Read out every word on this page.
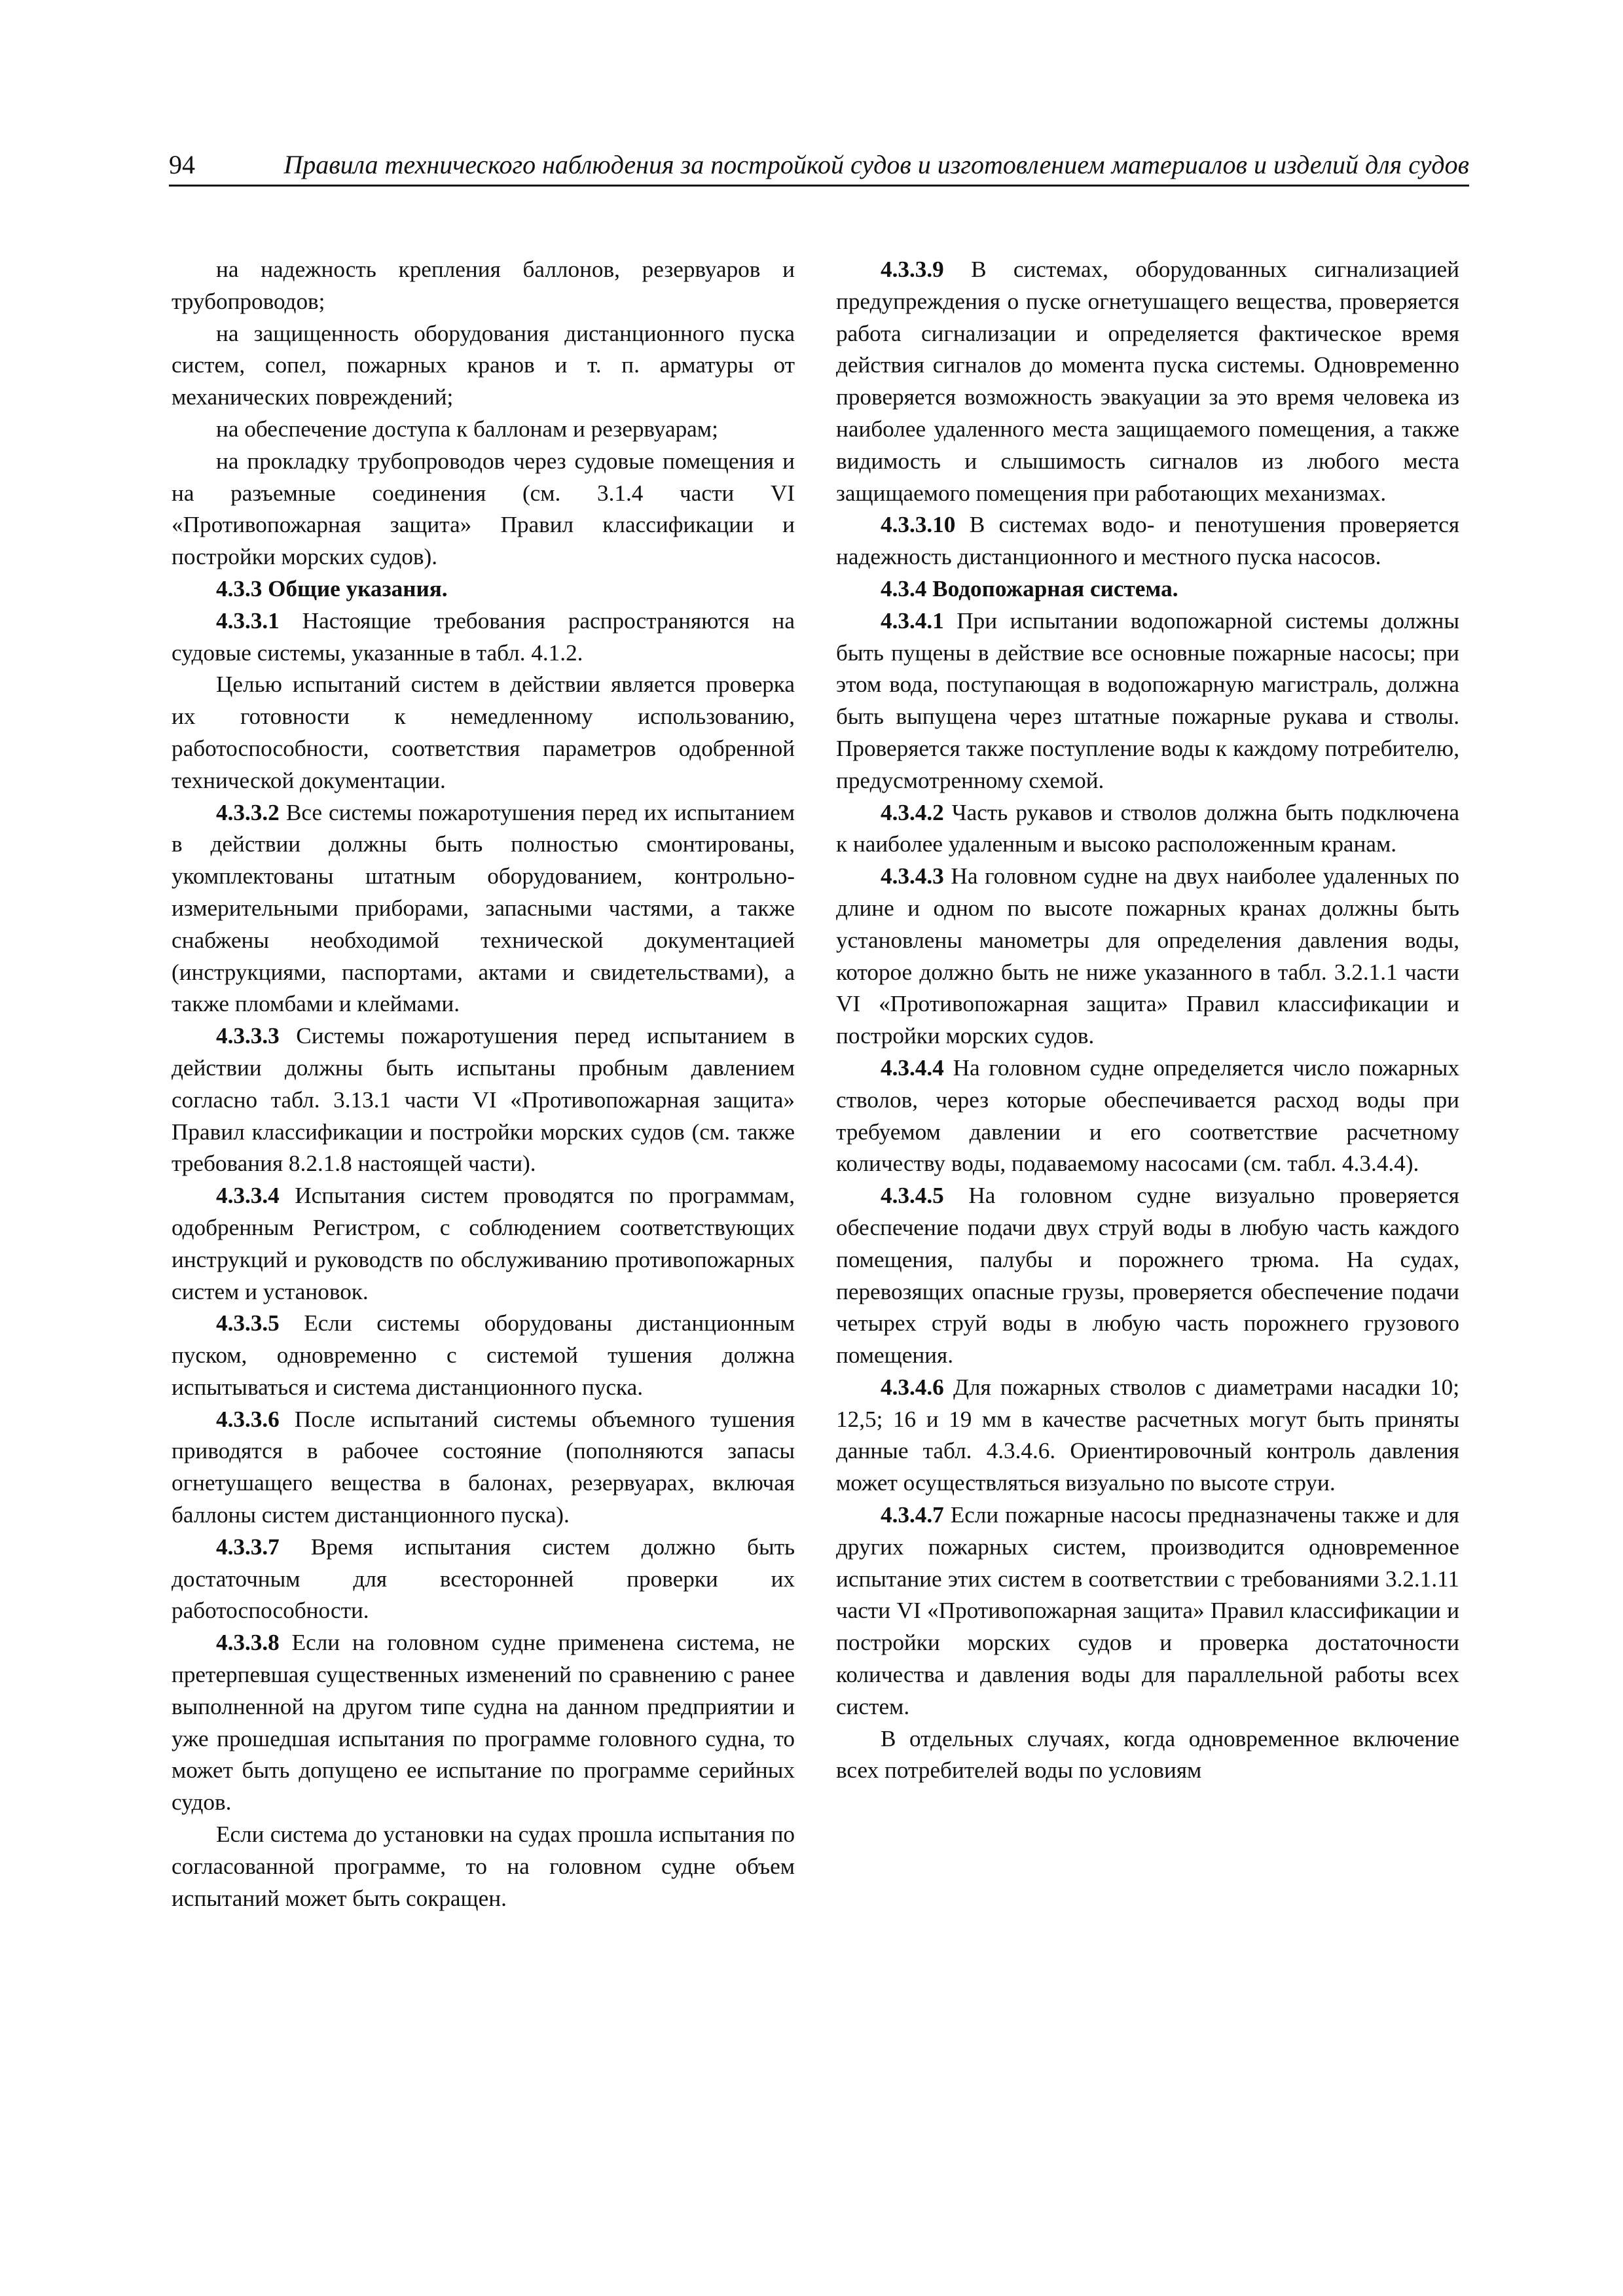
94	Правила технического наблюдения за постройкой судов и изготовлением материалов и изделий для судов

на надежность крепления баллонов, резервуаров и трубопроводов;

на защищенность оборудования дистанционного пуска систем, сопел, пожарных кранов и т. п. арматуры от механических повреждений;

на обеспечение доступа к баллонам и резервуарам;

на прокладку трубопроводов через судовые помещения и на разъемные соединения (см. 3.1.4 части VI «Противопожарная защита» Правил классификации и постройки морских судов).

4.3.3 Общие указания.

4.3.3.1 Настоящие требования распространяются на судовые системы, указанные в табл. 4.1.2.

Целью испытаний систем в действии является проверка их готовности к немедленному использованию, работоспособности, соответствия параметров одобренной технической документации.

4.3.3.2 Все системы пожаротушения перед их испытанием в действии должны быть полностью смонтированы, укомплектованы штатным оборудованием, контрольно-измерительными приборами, запасными частями, а также снабжены необходимой технической документацией (инструкциями, паспортами, актами и свидетельствами), а также пломбами и клеймами.

4.3.3.3 Системы пожаротушения перед испытанием в действии должны быть испытаны пробным давлением согласно табл. 3.13.1 части VI «Противопожарная защита» Правил классификации и постройки морских судов (см. также требования 8.2.1.8 настоящей части).

4.3.3.4 Испытания систем проводятся по программам, одобренным Регистром, с соблюдением соответствующих инструкций и руководств по обслуживанию противопожарных систем и установок.

4.3.3.5 Если системы оборудованы дистанционным пуском, одновременно с системой тушения должна испытываться и система дистанционного пуска.

4.3.3.6 После испытаний системы объемного тушения приводятся в рабочее состояние (пополняются запасы огнетушащего вещества в балонах, резервуарах, включая баллоны систем дистанционного пуска).

4.3.3.7 Время испытания систем должно быть достаточным для всесторонней проверки их работоспособности.

4.3.3.8 Если на головном судне применена система, не претерпевшая существенных изменений по сравнению с ранее выполненной на другом типе судна на данном предприятии и уже прошедшая испытания по программе головного судна, то может быть допущено ее испытание по программе серийных судов.

Если система до установки на судах прошла испытания по согласованной программе, то на головном судне объем испытаний может быть сокращен.

4.3.3.9 В системах, оборудованных сигнализацией предупреждения о пуске огнетушащего вещества, проверяется работа сигнализации и определяется фактическое время действия сигналов до момента пуска системы. Одновременно проверяется возможность эвакуации за это время человека из наиболее удаленного места защищаемого помещения, а также видимость и слышимость сигналов из любого места защищаемого помещения при работающих механизмах.

4.3.3.10 В системах водо- и пенотушения проверяется надежность дистанционного и местного пуска насосов.

4.3.4 Водопожарная система.

4.3.4.1 При испытании водопожарной системы должны быть пущены в действие все основные пожарные насосы; при этом вода, поступающая в водопожарную магистраль, должна быть выпущена через штатные пожарные рукава и стволы. Проверяется также поступление воды к каждому потребителю, предусмотренному схемой.

4.3.4.2 Часть рукавов и стволов должна быть подключена к наиболее удаленным и высоко расположенным кранам.

4.3.4.3 На головном судне на двух наиболее удаленных по длине и одном по высоте пожарных кранах должны быть установлены манометры для определения давления воды, которое должно быть не ниже указанного в табл. 3.2.1.1 части VI «Противопожарная защита» Правил классификации и постройки морских судов.

4.3.4.4 На головном судне определяется число пожарных стволов, через которые обеспечивается расход воды при требуемом давлении и его соответствие расчетному количеству воды, подаваемому насосами (см. табл. 4.3.4.4).

4.3.4.5 На головном судне визуально проверяется обеспечение подачи двух струй воды в любую часть каждого помещения, палубы и порожнего трюма. На судах, перевозящих опасные грузы, проверяется обеспечение подачи четырех струй воды в любую часть порожнего грузового помещения.

4.3.4.6 Для пожарных стволов с диаметрами насадки 10; 12,5; 16 и 19 мм в качестве расчетных могут быть приняты данные табл. 4.3.4.6. Ориентировочный контроль давления может осуществляться визуально по высоте струи.

4.3.4.7 Если пожарные насосы предназначены также и для других пожарных систем, производится одновременное испытание этих систем в соответствии с требованиями 3.2.1.11 части VI «Противопожарная защита» Правил классификации и постройки морских судов и проверка достаточности количества и давления воды для параллельной работы всех систем.

В отдельных случаях, когда одновременное включение всех потребителей воды по условиям
